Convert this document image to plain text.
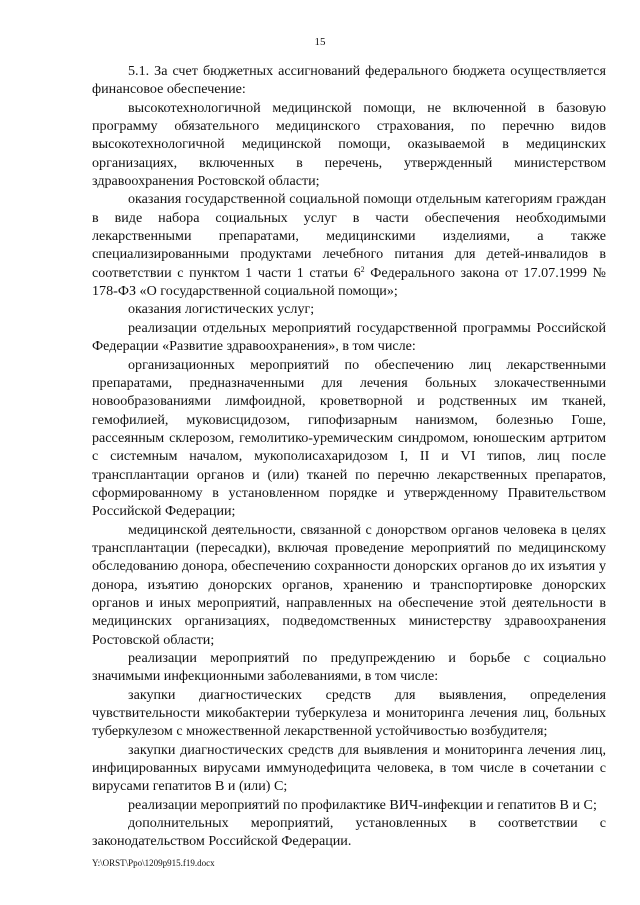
15

5.1. За счет бюджетных ассигнований федерального бюджета осуществляется финансовое обеспечение:

высокотехнологичной медицинской помощи, не включенной в базовую программу обязательного медицинского страхования, по перечню видов высокотехнологичной медицинской помощи, оказываемой в медицинских организациях, включенных в перечень, утвержденный министерством здравоохранения Ростовской области;

оказания государственной социальной помощи отдельным категориям граждан в виде набора социальных услуг в части обеспечения необходимыми лекарственными препаратами, медицинскими изделиями, а также специализированными продуктами лечебного питания для детей-инвалидов в соответствии с пунктом 1 части 1 статьи $6^2$ Федерального закона от 17.07.1999 № 178-ФЗ «О государственной социальной помощи»;

оказания логистических услуг;

реализации отдельных мероприятий государственной программы Российской Федерации «Развитие здравоохранения», в том числе:

организационных мероприятий по обеспечению лиц лекарственными препаратами, предназначенными для лечения больных злокачественными новообразованиями лимфоидной, кроветворной и родственных им тканей, гемофилией, муковисцидозом, гипофизарным нанизмом, болезнью Гоше, рассеянным склерозом, гемолитико-уремическим синдромом, юношеским артритом с системным началом, мукополисахаридозом I, II и VI типов, лиц после трансплантации органов и (или) тканей по перечню лекарственных препаратов, сформированному в установленном порядке и утвержденному Правительством Российской Федерации;

медицинской деятельности, связанной с донорством органов человека в целях трансплантации (пересадки), включая проведение мероприятий по медицинскому обследованию донора, обеспечению сохранности донорских органов до их изъятия у донора, изъятию донорских органов, хранению и транспортировке донорских органов и иных мероприятий, направленных на обеспечение этой деятельности в медицинских организациях, подведомственных министерству здравоохранения Ростовской области;

реализации мероприятий по предупреждению и борьбе с социально значимыми инфекционными заболеваниями, в том числе:

закупки диагностических средств для выявления, определения чувствительности микобактерии туберкулеза и мониторинга лечения лиц, больных туберкулезом с множественной лекарственной устойчивостью возбудителя;

закупки диагностических средств для выявления и мониторинга лечения лиц, инфицированных вирусами иммунодефицита человека, в том числе в сочетании с вирусами гепатитов В и (или) С;

реализации мероприятий по профилактике ВИЧ-инфекции и гепатитов В и С;

дополнительных мероприятий, установленных в соответствии с законодательством Российской Федерации.

Y:\ORST\Ppo\1209p915.f19.docx
